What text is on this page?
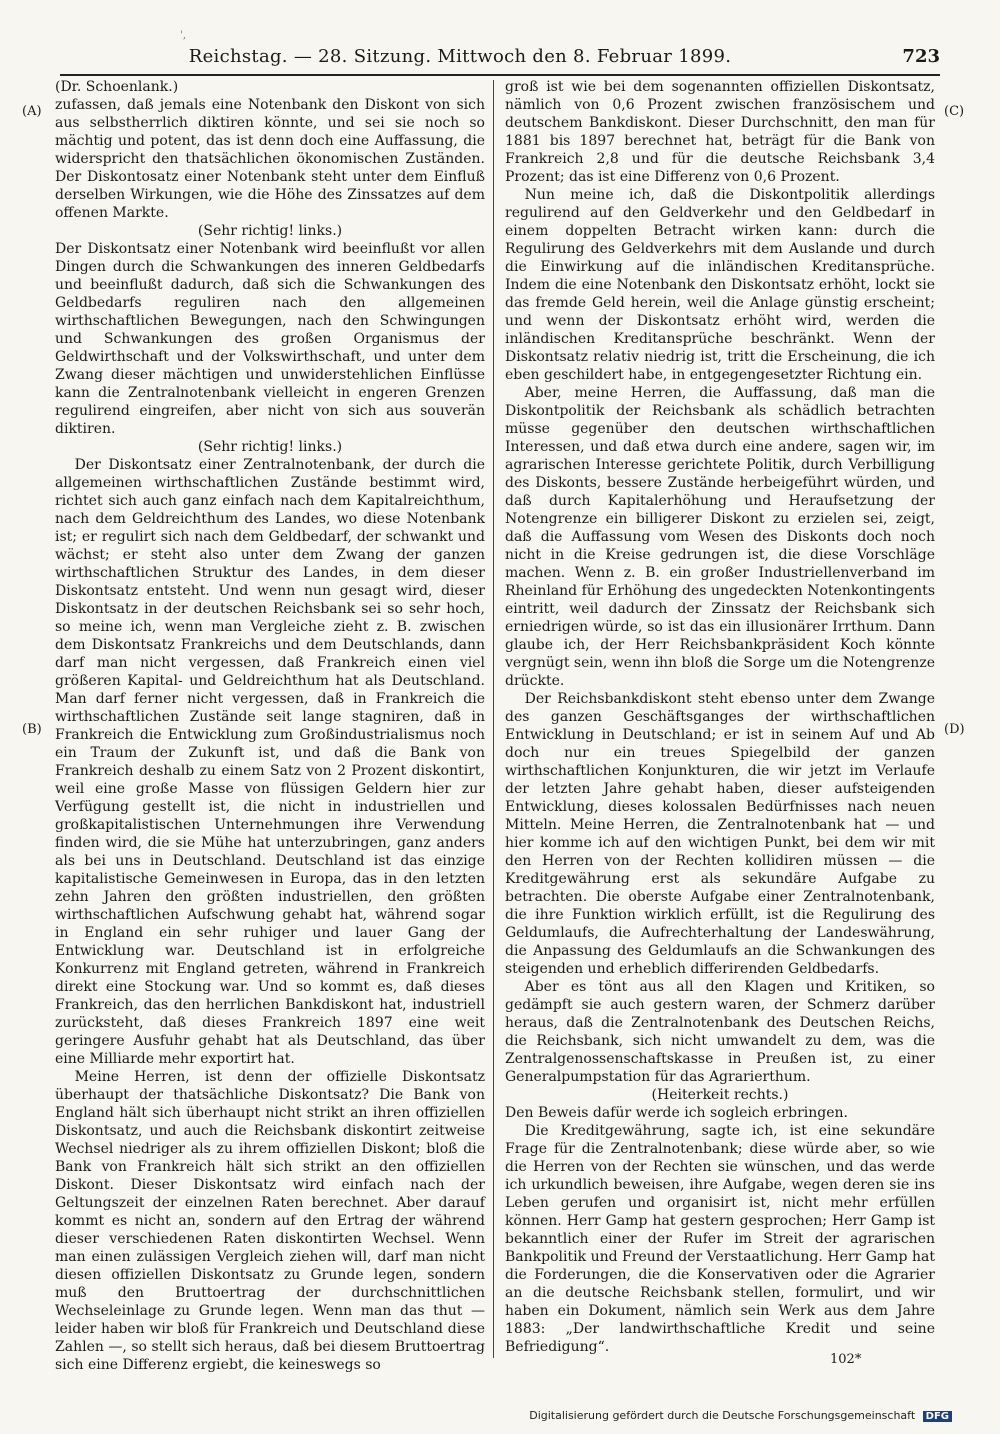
'‚
Reichstag. — 28. Sitzung. Mittwoch den 8. Februar 1899.	723
(A)
(B)
(C)
(D)

(Dr. Schoenlank.)

zufassen, daß jemals eine Notenbank den Diskont von sich aus selbstherrlich diktiren könnte, und sei sie noch so mächtig und potent, das ist denn doch eine Auffassung, die widerspricht den thatsächlichen ökonomischen Zuständen. Der Diskontosatz einer Notenbank steht unter dem Einfluß derselben Wirkungen, wie die Höhe des Zinssatzes auf dem offenen Markte.

(Sehr richtig! links.)

Der Diskontsatz einer Notenbank wird beeinflußt vor allen Dingen durch die Schwankungen des inneren Geldbedarfs und beeinflußt dadurch, daß sich die Schwankungen des Geldbedarfs reguliren nach den allgemeinen wirthschaftlichen Bewegungen, nach den Schwingungen und Schwankungen des großen Organismus der Geldwirthschaft und der Volkswirthschaft, und unter dem Zwang dieser mächtigen und unwiderstehlichen Einflüsse kann die Zentralnotenbank vielleicht in engeren Grenzen regulirend eingreifen, aber nicht von sich aus souverän diktiren.

(Sehr richtig! links.)

Der Diskontsatz einer Zentralnotenbank, der durch die allgemeinen wirthschaftlichen Zustände bestimmt wird, richtet sich auch ganz einfach nach dem Kapitalreichthum, nach dem Geldreichthum des Landes, wo diese Notenbank ist; er regulirt sich nach dem Geldbedarf, der schwankt und wächst; er steht also unter dem Zwang der ganzen wirthschaftlichen Struktur des Landes, in dem dieser Diskontsatz entsteht. Und wenn nun gesagt wird, dieser Diskontsatz in der deutschen Reichsbank sei so sehr hoch, so meine ich, wenn man Vergleiche zieht z. B. zwischen dem Diskontsatz Frankreichs und dem Deutschlands, dann darf man nicht vergessen, daß Frankreich einen viel größeren Kapital- und Geldreichthum hat als Deutschland. Man darf ferner nicht vergessen, daß in Frankreich die wirthschaftlichen Zustände seit lange stagniren, daß in Frankreich die Entwicklung zum Großindustrialismus noch ein Traum der Zukunft ist, und daß die Bank von Frankreich deshalb zu einem Satz von 2 Prozent diskontirt, weil eine große Masse von flüssigen Geldern hier zur Verfügung gestellt ist, die nicht in industriellen und großkapitalistischen Unternehmungen ihre Verwendung finden wird, die sie Mühe hat unterzubringen, ganz anders als bei uns in Deutschland. Deutschland ist das einzige kapitalistische Gemeinwesen in Europa, das in den letzten zehn Jahren den größten industriellen, den größten wirthschaftlichen Aufschwung gehabt hat, während sogar in England ein sehr ruhiger und lauer Gang der Entwicklung war. Deutschland ist in erfolgreiche Konkurrenz mit England getreten, während in Frankreich direkt eine Stockung war. Und so kommt es, daß dieses Frankreich, das den herrlichen Bankdiskont hat, industriell zurücksteht, daß dieses Frankreich 1897 eine weit geringere Ausfuhr gehabt hat als Deutschland, das über eine Milliarde mehr exportirt hat.

Meine Herren, ist denn der offizielle Diskontsatz überhaupt der thatsächliche Diskontsatz? Die Bank von England hält sich überhaupt nicht strikt an ihren offiziellen Diskontsatz, und auch die Reichsbank diskontirt zeitweise Wechsel niedriger als zu ihrem offiziellen Diskont; bloß die Bank von Frankreich hält sich strikt an den offiziellen Diskont. Dieser Diskontsatz wird einfach nach der Geltungszeit der einzelnen Raten berechnet. Aber darauf kommt es nicht an, sondern auf den Ertrag der während dieser verschiedenen Raten diskontirten Wechsel. Wenn man einen zulässigen Vergleich ziehen will, darf man nicht diesen offiziellen Diskontsatz zu Grunde legen, sondern muß den Bruttoertrag der durchschnittlichen Wechseleinlage zu Grunde legen. Wenn man das thut — leider haben wir bloß für Frankreich und Deutschland diese Zahlen —, so stellt sich heraus, daß bei diesem Bruttoertrag sich eine Differenz ergiebt, die keineswegs so

groß ist wie bei dem sogenannten offiziellen Diskontsatz, nämlich von 0,6 Prozent zwischen französischem und deutschem Bankdiskont. Dieser Durchschnitt, den man für 1881 bis 1897 berechnet hat, beträgt für die Bank von Frankreich 2,8 und für die deutsche Reichsbank 3,4 Prozent; das ist eine Differenz von 0,6 Prozent.

Nun meine ich, daß die Diskontpolitik allerdings regulirend auf den Geldverkehr und den Geldbedarf in einem doppelten Betracht wirken kann: durch die Regulirung des Geldverkehrs mit dem Auslande und durch die Einwirkung auf die inländischen Kreditansprüche. Indem die eine Notenbank den Diskontsatz erhöht, lockt sie das fremde Geld herein, weil die Anlage günstig erscheint; und wenn der Diskontsatz erhöht wird, werden die inländischen Kreditansprüche beschränkt. Wenn der Diskontsatz relativ niedrig ist, tritt die Erscheinung, die ich eben geschildert habe, in entgegengesetzter Richtung ein.

Aber, meine Herren, die Auffassung, daß man die Diskontpolitik der Reichsbank als schädlich betrachten müsse gegenüber den deutschen wirthschaftlichen Interessen, und daß etwa durch eine andere, sagen wir, im agrarischen Interesse gerichtete Politik, durch Verbilligung des Diskonts, bessere Zustände herbeigeführt würden, und daß durch Kapitalerhöhung und Heraufsetzung der Notengrenze ein billigerer Diskont zu erzielen sei, zeigt, daß die Auffassung vom Wesen des Diskonts doch noch nicht in die Kreise gedrungen ist, die diese Vorschläge machen. Wenn z. B. ein großer Industriellenverband im Rheinland für Erhöhung des ungedeckten Notenkontingents eintritt, weil dadurch der Zinssatz der Reichsbank sich erniedrigen würde, so ist das ein illusionärer Irrthum. Dann glaube ich, der Herr Reichsbankpräsident Koch könnte vergnügt sein, wenn ihn bloß die Sorge um die Notengrenze drückte.

Der Reichsbankdiskont steht ebenso unter dem Zwange des ganzen Geschäftsganges der wirthschaftlichen Entwicklung in Deutschland; er ist in seinem Auf und Ab doch nur ein treues Spiegelbild der ganzen wirthschaftlichen Konjunkturen, die wir jetzt im Verlaufe der letzten Jahre gehabt haben, dieser aufsteigenden Entwicklung, dieses kolossalen Bedürfnisses nach neuen Mitteln. Meine Herren, die Zentralnotenbank hat — und hier komme ich auf den wichtigen Punkt, bei dem wir mit den Herren von der Rechten kollidiren müssen — die Kreditgewährung erst als sekundäre Aufgabe zu betrachten. Die oberste Aufgabe einer Zentralnotenbank, die ihre Funktion wirklich erfüllt, ist die Regulirung des Geldumlaufs, die Aufrechterhaltung der Landeswährung, die Anpassung des Geldumlaufs an die Schwankungen des steigenden und erheblich differirenden Geldbedarfs.

Aber es tönt aus all den Klagen und Kritiken, so gedämpft sie auch gestern waren, der Schmerz darüber heraus, daß die Zentralnotenbank des Deutschen Reichs, die Reichsbank, sich nicht umwandelt zu dem, was die Zentralgenossenschaftskasse in Preußen ist, zu einer Generalpumpstation für das Agrarierthum.

(Heiterkeit rechts.)

Den Beweis dafür werde ich sogleich erbringen.

Die Kreditgewährung, sagte ich, ist eine sekundäre Frage für die Zentralnotenbank; diese würde aber, so wie die Herren von der Rechten sie wünschen, und das werde ich urkundlich beweisen, ihre Aufgabe, wegen deren sie ins Leben gerufen und organisirt ist, nicht mehr erfüllen können. Herr Gamp hat gestern gesprochen; Herr Gamp ist bekanntlich einer der Rufer im Streit der agrarischen Bankpolitik und Freund der Verstaatlichung. Herr Gamp hat die Forderungen, die die Konservativen oder die Agrarier an die deutsche Reichsbank stellen, formulirt, und wir haben ein Dokument, nämlich sein Werk aus dem Jahre 1883: „Der landwirthschaftliche Kredit und seine Befriedigung“.

102*
Digitalisierung gefördert durch die Deutsche Forschungsgemeinschaft DFG
